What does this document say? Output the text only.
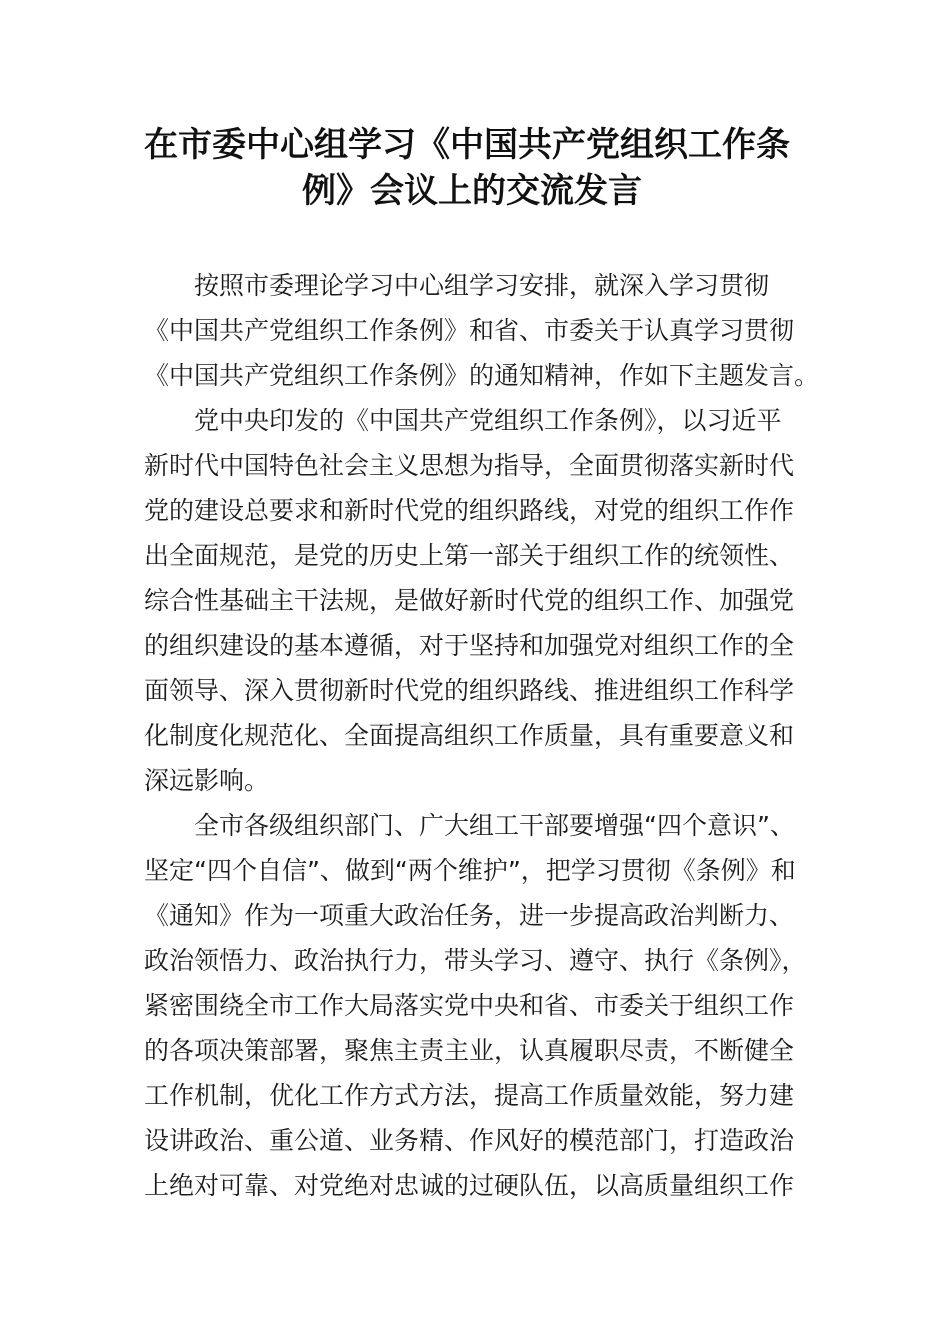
在市委中心组学习《中国共产党组织工作条
例》会议上的交流发言
按照市委理论学习中心组学习安排，就深入学习贯彻
《中国共产党组织工作条例》和省、市委关于认真学习贯彻
《中国共产党组织工作条例》的通知精神，作如下主题发言。
党中央印发的《中国共产党组织工作条例》，以习近平
新时代中国特色社会主义思想为指导，全面贯彻落实新时代
党的建设总要求和新时代党的组织路线，对党的组织工作作
出全面规范，是党的历史上第一部关于组织工作的统领性、
综合性基础主干法规，是做好新时代党的组织工作、加强党
的组织建设的基本遵循，对于坚持和加强党对组织工作的全
面领导、深入贯彻新时代党的组织路线、推进组织工作科学
化制度化规范化、全面提高组织工作质量，具有重要意义和
深远影响。
全市各级组织部门、广大组工干部要增强“四个意识”、
坚定“四个自信”、做到“两个维护”，把学习贯彻《条例》和
《通知》作为一项重大政治任务，进一步提高政治判断力、
政治领悟力、政治执行力，带头学习、遵守、执行《条例》，
紧密围绕全市工作大局落实党中央和省、市委关于组织工作
的各项决策部署，聚焦主责主业，认真履职尽责，不断健全
工作机制，优化工作方式方法，提高工作质量效能，努力建
设讲政治、重公道、业务精、作风好的模范部门，打造政治
上绝对可靠、对党绝对忠诚的过硬队伍，以高质量组织工作
